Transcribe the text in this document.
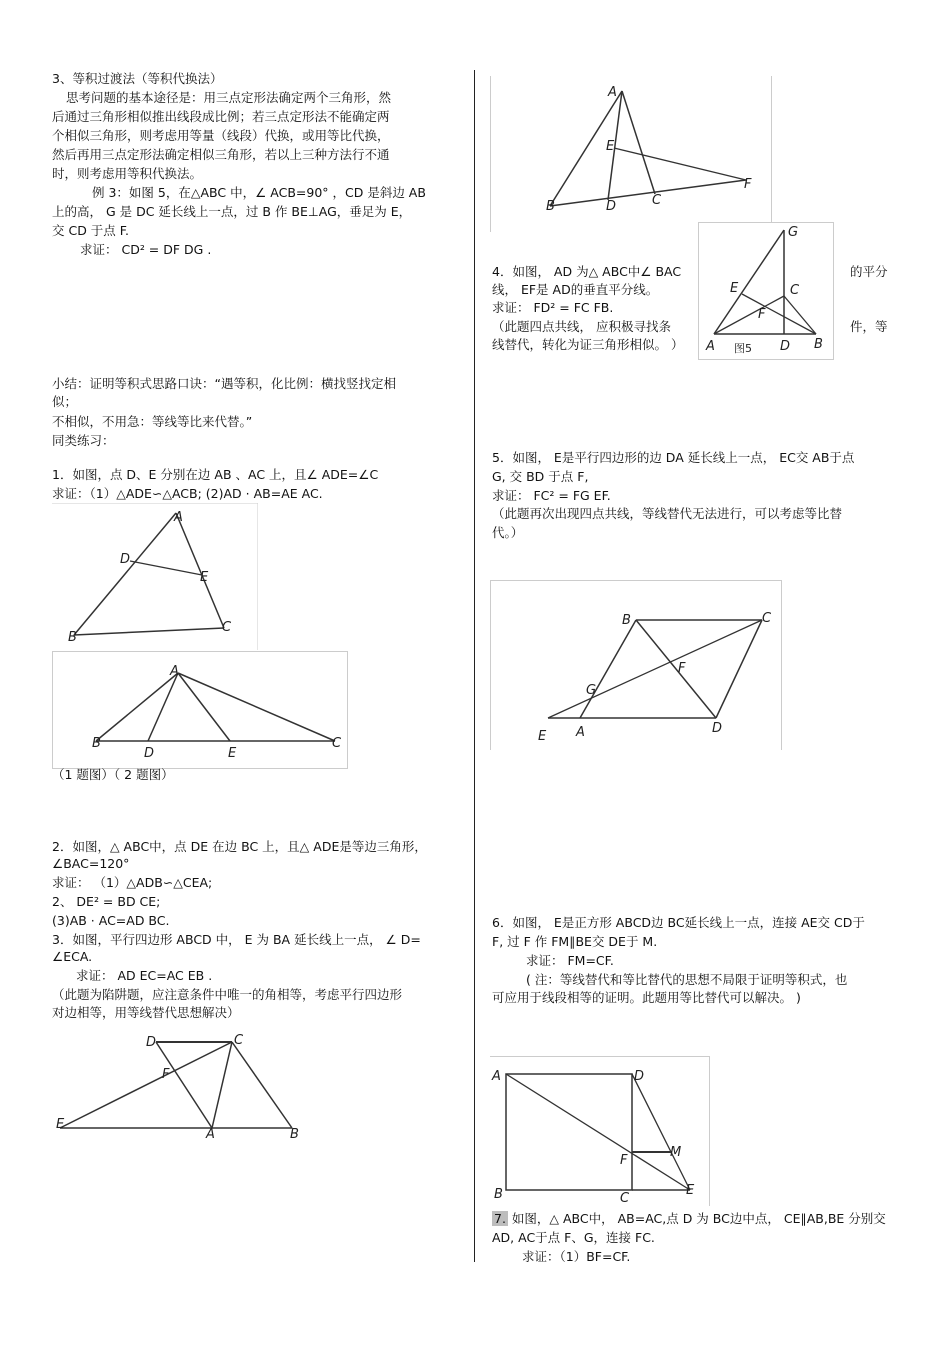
3、等积过渡法（等积代换法）
思考问题的基本途径是：用三点定形法确定两个三角形，然
后通过三角形相似推出线段成比例；若三点定形法不能确定两
个相似三角形，则考虑用等量（线段）代换，或用等比代换，
然后再用三点定形法确定相似三角形，若以上三种方法行不通
时，则考虑用等积代换法。
例 3：如图 5，在△ABC 中，∠ ACB=90° ，CD 是斜边 AB
上的高， G 是 DC 延长线上一点，过 B 作 BE⊥AG，垂足为 E，
交 CD 于点 F.
求证： CD² = DF DG .
小结：证明等积式思路口诀：“遇等积，化比例：横找竖找定相
似；
不相似，不用急：等线等比来代替。”
同类练习：
1．如图，点 D、E 分别在边 AB 、AC 上，且∠ ADE=∠C
求证：（1）△ADE∽△ACB; (2)AD · AB=AE AC.
A
D
E
B
C
A
B
D	E
C
（1 题图）（ 2 题图）
2．如图，△ ABC中，点 DE 在边 BC 上，且△ ADE是等边三角形，
∠BAC=120°
求证： （1）△ADB∽△CEA;
2、 DE² = BD CE;
(3)AB · AC=AD BC.
3．如图，平行四边形 ABCD 中， E 为 BA 延长线上一点， ∠ D=
∠ECA.
求证： AD EC=AC EB .
（此题为陷阱题，应注意条件中唯一的角相等，考虑平行四边形
对边相等，用等线替代思想解决）
D	C
F
E
A	B
A
E
F
B	D	C
G
E	C
F
A	D B
图5
4．如图， AD 为△ ABC中∠ BAC	的平分
线， EF是 AD的垂直平分线。
求证： FD² = FC FB.
（此题四点共线， 应积极寻找条	件，等
线替代，转化为证三角形相似。 ）
5．如图， E是平行四边形的边 DA 延长线上一点， EC交 AB于点
G, 交 BD 于点 F,
求证： FC² = FG EF.
（此题再次出现四点共线，等线替代无法进行，可以考虑等比替
代。）
B	C
F
G
E A	D
6．如图， E是正方形 ABCD边 BC延长线上一点，连接 AE交 CD于
F, 过 F 作 FM∥BE交 DE于 M.
求证： FM=CF.
( 注：等线替代和等比替代的思想不局限于证明等积式，也
可应用于线段相等的证明。此题用等比替代可以解决。 )
A	D
F
M
B	C
E
7. 如图，△ ABC中， AB=AC,点 D 为 BC边中点， CE∥AB,BE 分别交
AD, AC于点 F、G，连接 FC.
求证：（1）BF=CF.
